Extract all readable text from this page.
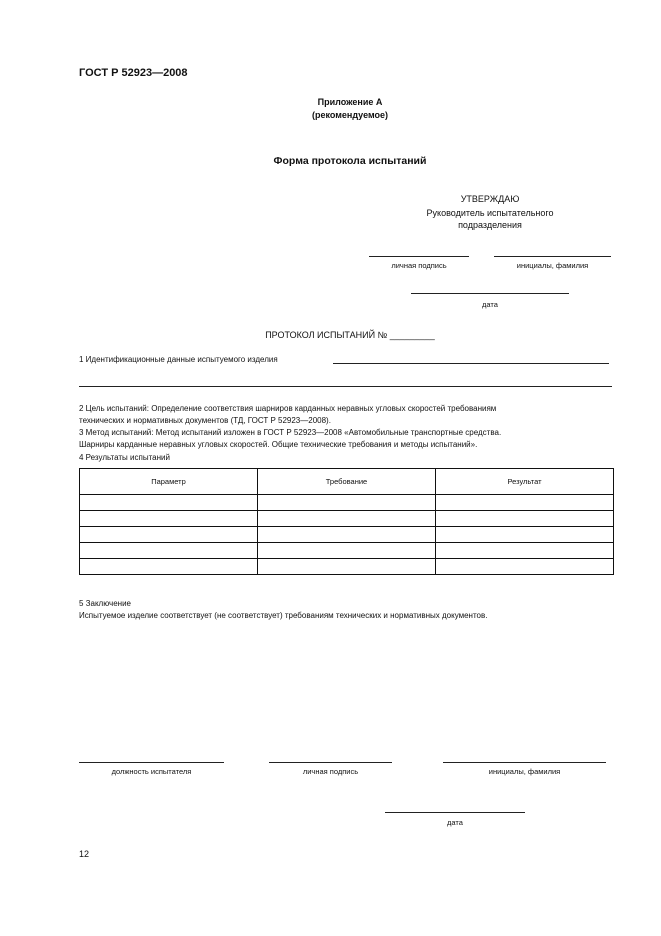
ГОСТ Р 52923—2008
Приложение А
(рекомендуемое)
Форма протокола испытаний
УТВЕРЖДАЮ
Руководитель испытательного
подразделения
личная подпись	инициалы, фамилия
дата
ПРОТОКОЛ ИСПЫТАНИЙ № _________
1 Идентификационные данные испытуемого изделия
2 Цель испытаний: Определение соответствия шарниров карданных неравных угловых скоростей требованиям
технических и нормативных документов (ТД, ГОСТ Р 52923—2008).
3 Метод испытаний: Метод испытаний изложен в ГОСТ Р 52923—2008 «Автомобильные транспортные средства.
Шарниры карданные неравных угловых скоростей. Общие технические требования и методы испытаний».
4 Результаты испытаний
Параметр	Требование	Результат

5 Заключение
Испытуемое изделие соответствует (не соответствует) требованиям технических и нормативных документов.
должность испытателя	личная подпись	инициалы, фамилия
дата
12
